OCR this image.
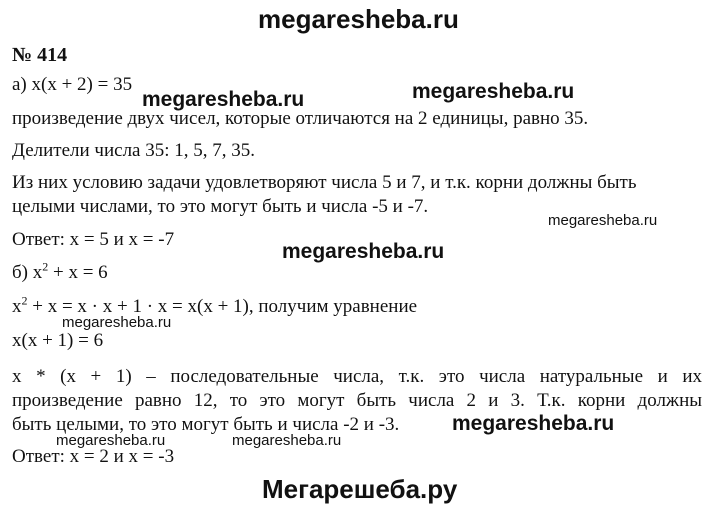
megaresheba.ru
№ 414
а) x(x + 2) = 35
megaresheba.ru	megaresheba.ru
произведение двух чисел, которые отличаются на 2 единицы, равно 35.
Делители числа 35: 1, 5, 7, 35.
Из них условию задачи удовлетворяют числа 5 и 7, и т.к. корни должны быть
целыми числами, то это могут быть и числа -5 и -7.
megaresheba.ru
Ответ: x = 5 и x = -7
megaresheba.ru
б) $x^2 + x = 6$
$x^2 + x = x \cdot x + 1 \cdot x = x(x + 1)$, получим уравнение
megaresheba.ru
x(x + 1) = 6
x * (x + 1) – последовательные числа, т.к. это числа натуральные и их
произведение равно 12, то это могут быть числа 2 и 3. Т.к. корни должны
быть целыми, то это могут быть и числа -2 и -3.	megaresheba.ru
megaresheba.ru	megaresheba.ru
Ответ: x = 2 и x = -3
Мегарешеба.ру
